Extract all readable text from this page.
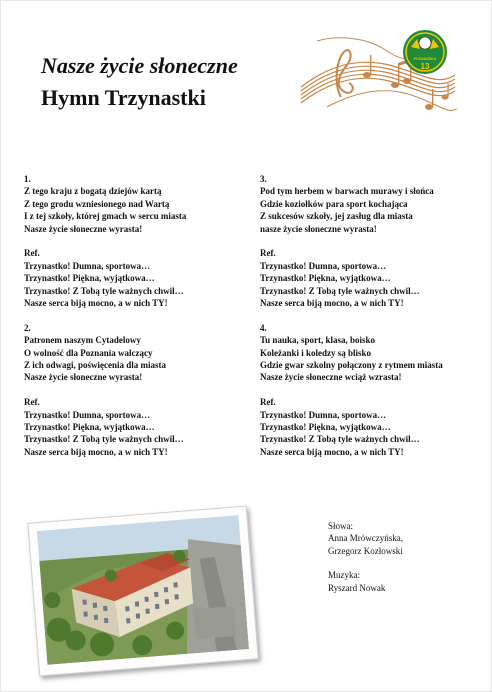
Nasze życie słoneczne
Hymn Trzynastki
POZNAŃSKA
13
1.
Z tego kraju z bogatą dziejów kartą
Z tego grodu wzniesionego nad Wartą
I z tej szkoły, której gmach w sercu miasta
Nasze życie słoneczne wyrasta!
Ref.
Trzynastko! Dumna, sportowa…
Trzynastko! Piękna, wyjątkowa…
Trzynastko! Z Tobą tyle ważnych chwil…
Nasze serca biją mocno, a w nich TY!
2.
Patronem naszym Cytadelowy
O wolność dla Poznania walczący
Z ich odwagi, poświęcenia dla miasta
Nasze życie słoneczne wyrasta!
Ref.
Trzynastko! Dumna, sportowa…
Trzynastko! Piękna, wyjątkowa…
Trzynastko! Z Tobą tyle ważnych chwil…
Nasze serca biją mocno, a w nich TY!
3.
Pod tym herbem w barwach murawy i słońca
Gdzie koziołków para sport kochająca
Z sukcesów szkoły, jej zasług dla miasta
nasze życie słoneczne wyrasta!
Ref.
Trzynastko! Dumna, sportowa…
Trzynastko! Piękna, wyjątkowa…
Trzynastko! Z Tobą tyle ważnych chwil…
Nasze serca biją mocno, a w nich TY!
4.
Tu nauka, sport, klasa, boisko
Koleżanki i koledzy są blisko
Gdzie gwar szkolny połączony z rytmem miasta
Nasze życie słoneczne wciąż wzrasta!
Ref.
Trzynastko! Dumna, sportowa…
Trzynastko! Piękna, wyjątkowa…
Trzynastko! Z Tobą tyle ważnych chwil…
Nasze serca biją mocno, a w nich TY!
Słowa:
Anna Mrówczyńska,
Grzegorz Kozłowski
Muzyka:
Ryszard Nowak
